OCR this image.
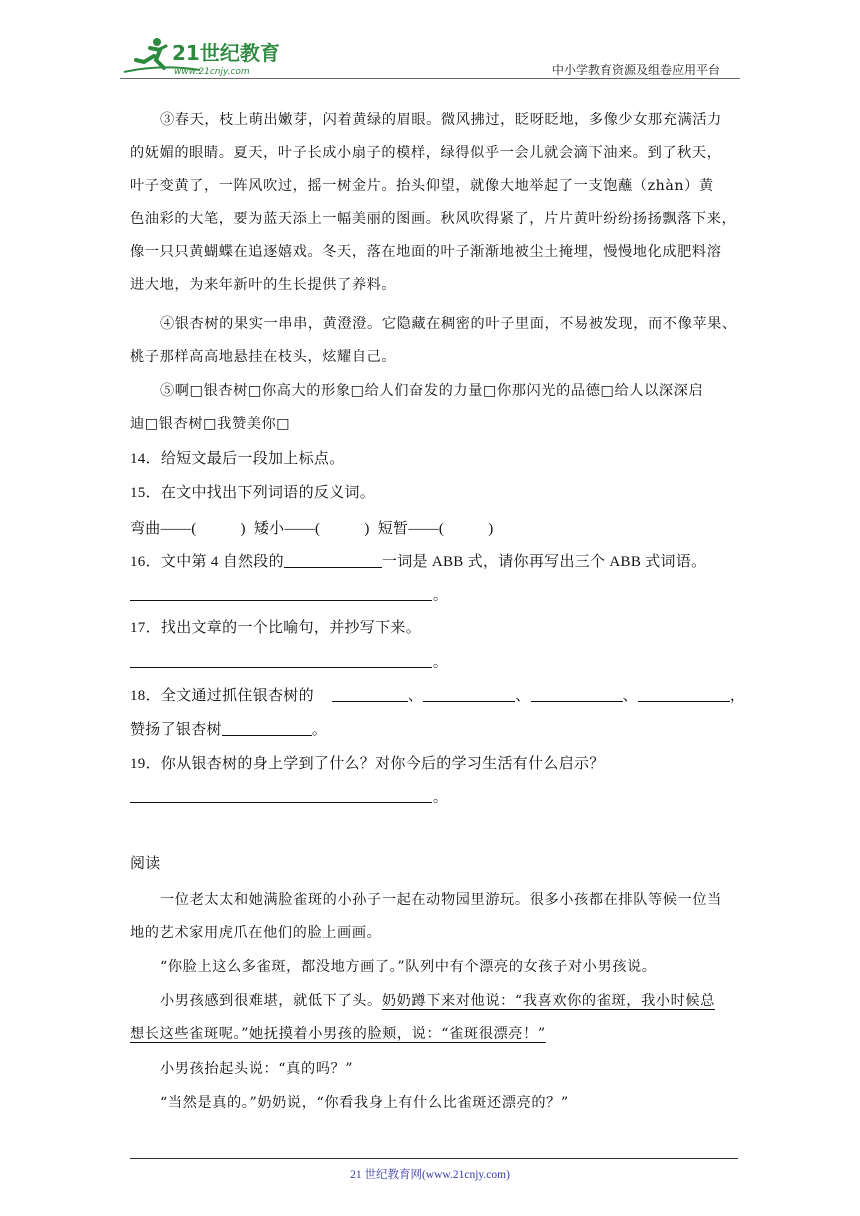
21世纪教育
www.21cnjy.com	中小学教育资源及组卷应用平台
③春天，枝上萌出嫩芽，闪着黄绿的眉眼。微风拂过，眨呀眨地，多像少女那充满活力
的妩媚的眼睛。夏天，叶子长成小扇子的模样，绿得似乎一会儿就会滴下油来。到了秋天，
叶子变黄了，一阵风吹过，摇一树金片。抬头仰望，就像大地举起了一支饱蘸（zhàn）黄
色油彩的大笔，要为蓝天添上一幅美丽的图画。秋风吹得紧了，片片黄叶纷纷扬扬飘落下来，
像一只只黄蝴蝶在追逐嬉戏。冬天，落在地面的叶子渐渐地被尘土掩埋，慢慢地化成肥料溶
进大地，为来年新叶的生长提供了养料。
④银杏树的果实一串串，黄澄澄。它隐藏在稠密的叶子里面，不易被发现，而不像苹果、
桃子那样高高地悬挂在枝头，炫耀自己。
⑤啊□银杏树□你高大的形象□给人们奋发的力量□你那闪光的品德□给人以深深启
迪□银杏树□我赞美你□
14．给短文最后一段加上标点。
15．在文中找出下列词语的反义词。
弯曲——(	) 矮小——(	) 短暂——(	)
16．文中第 4 自然段的	一词是 ABB 式，请你再写出三个 ABB 式词语。
。
17．找出文章的一个比喻句，并抄写下来。
。
18．全文通过抓住银杏树的	、	、	、	，
赞扬了银杏树	。
19．你从银杏树的身上学到了什么？对你今后的学习生活有什么启示？
。
阅读
一位老太太和她满脸雀斑的小孙子一起在动物园里游玩。很多小孩都在排队等候一位当
地的艺术家用虎爪在他们的脸上画画。
“你脸上这么多雀斑，都没地方画了。”队列中有个漂亮的女孩子对小男孩说。
小男孩感到很难堪，就低下了头。奶奶蹲下来对他说：“我喜欢你的雀斑，我小时候总
想长这些雀斑呢。”她抚摸着小男孩的脸颊，说：“雀斑很漂亮！”
小男孩抬起头说：“真的吗？”
“当然是真的。”奶奶说，“你看我身上有什么比雀斑还漂亮的？”
21 世纪教育网(www.21cnjy.com)
